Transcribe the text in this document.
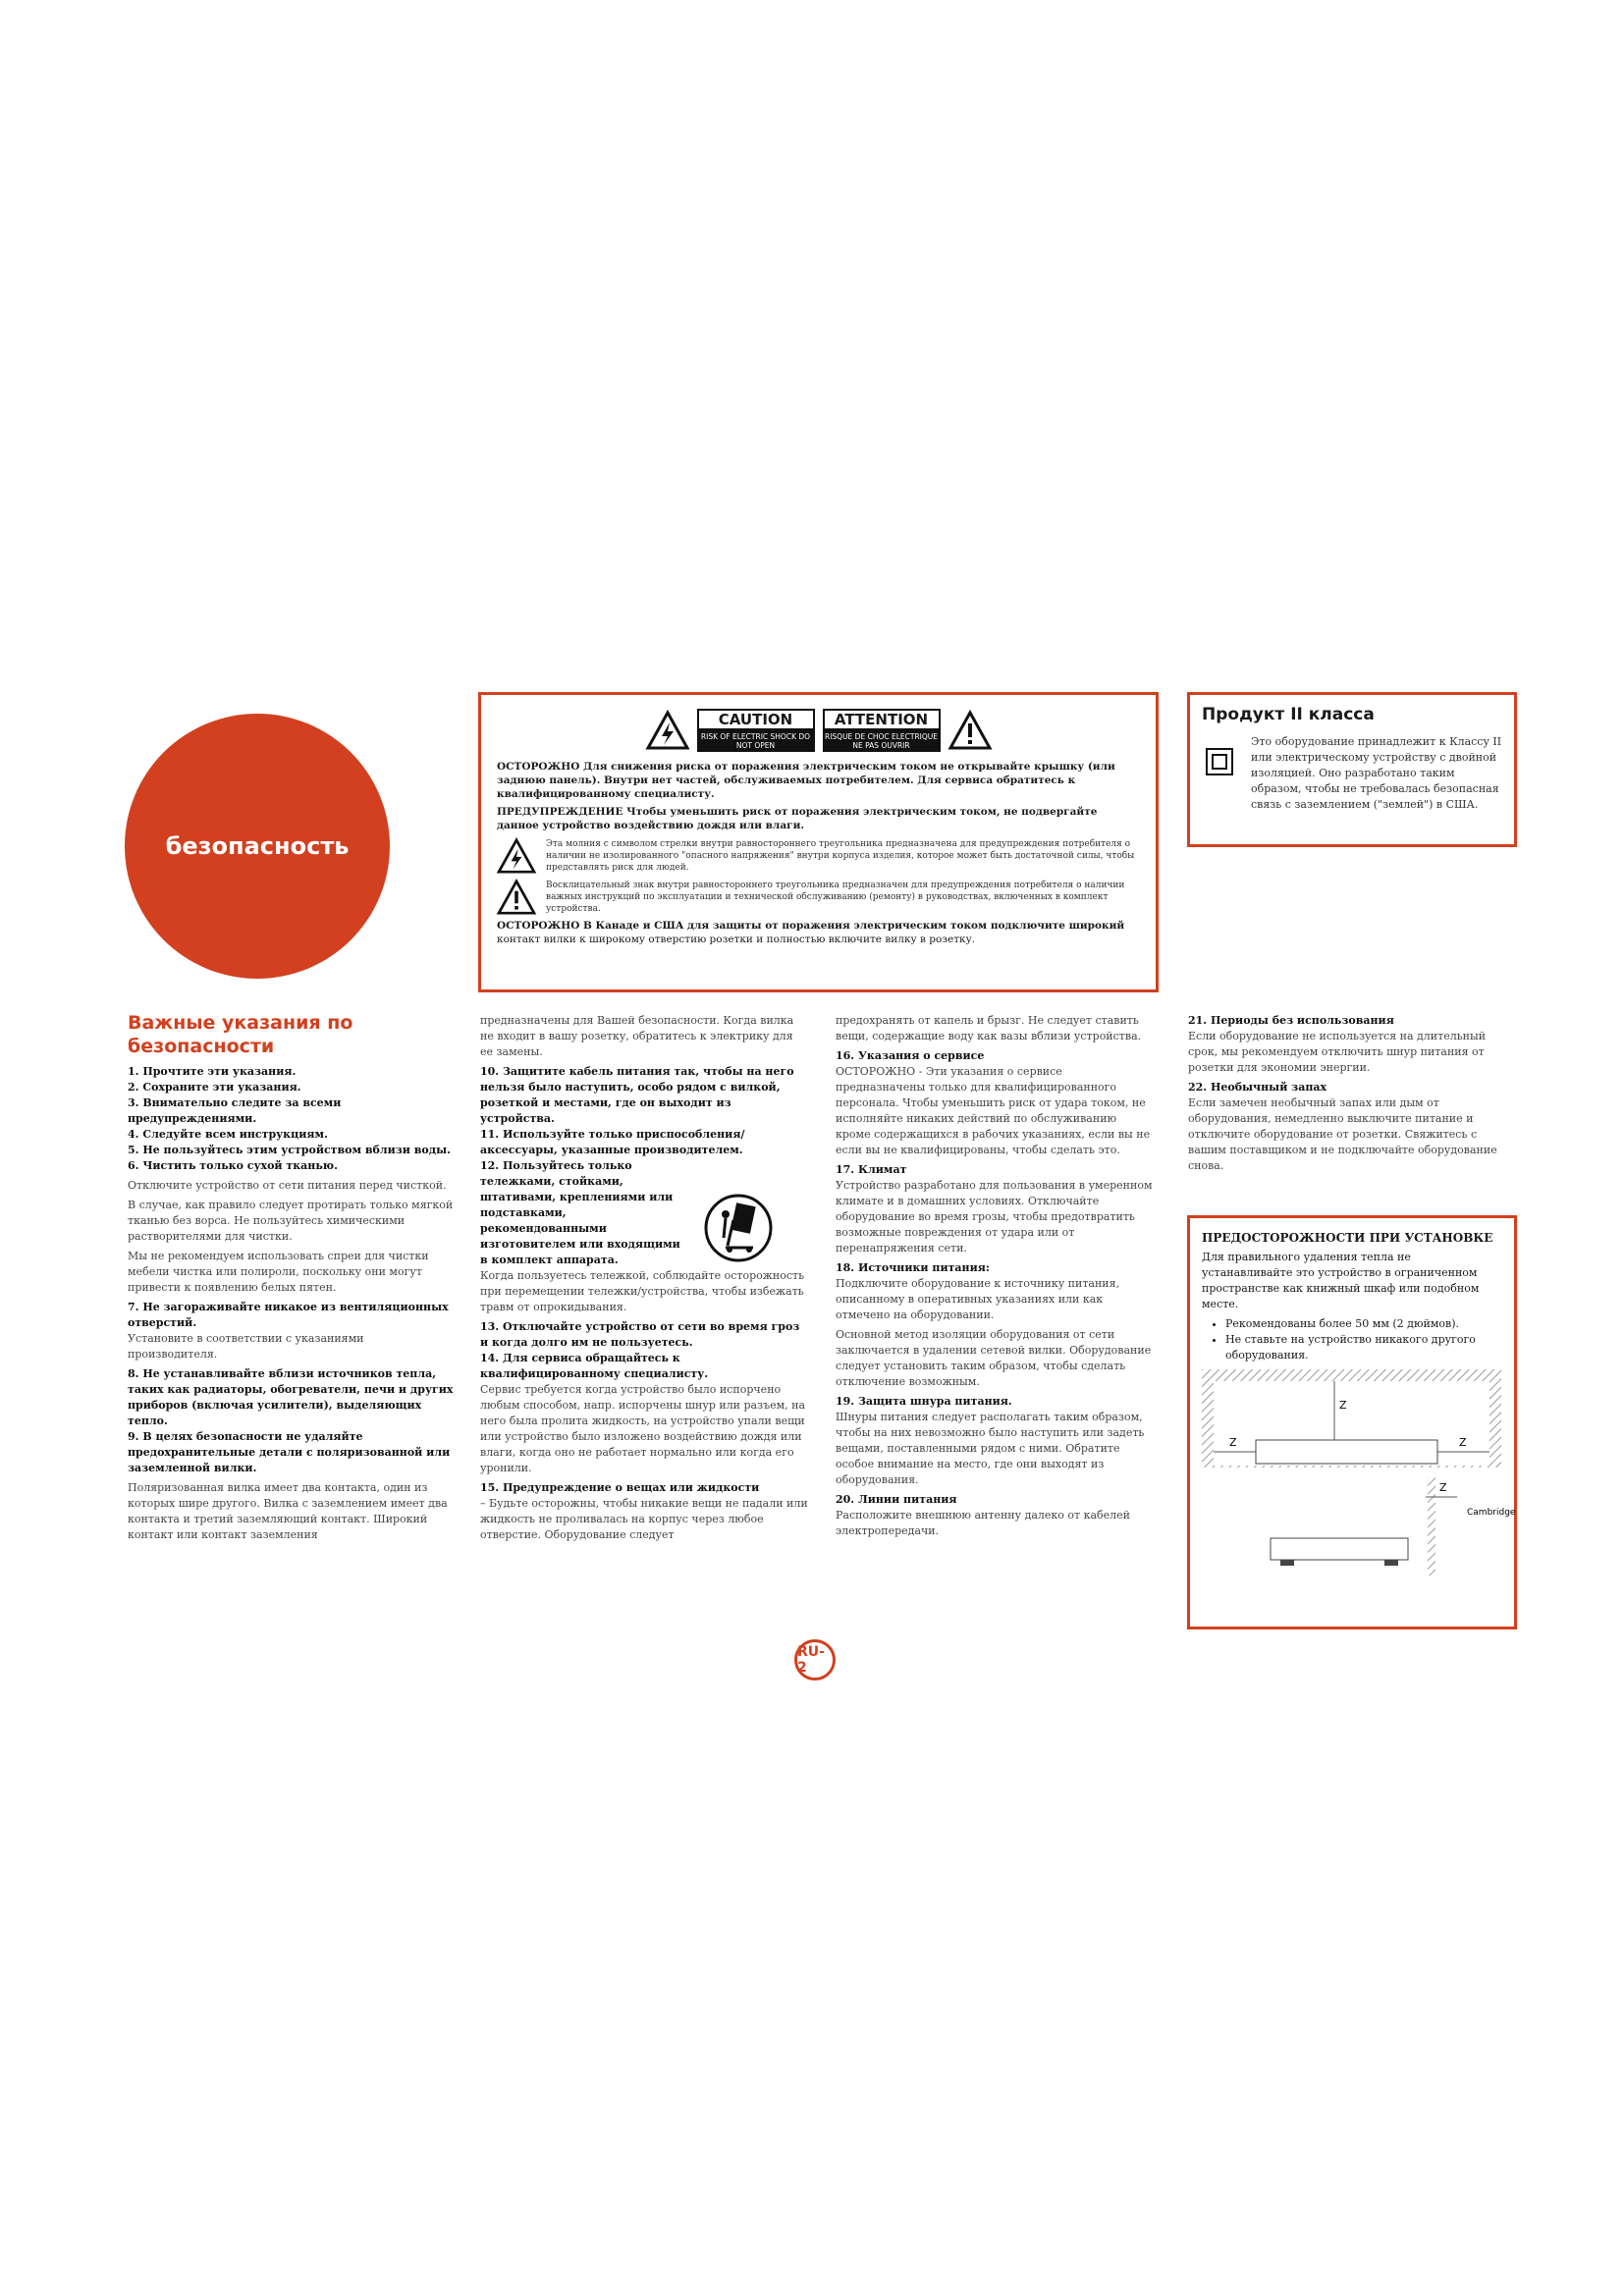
безопасность
CAUTION
RISK OF ELECTRIC SHOCK DO NOT OPEN
ATTENTION
RISQUE DE CHOC ELECTRIQUE NE PAS OUVRIR

ОСТОРОЖНО Для снижения риска от поражения электрическим током не открывайте крышку (или заднюю панель). Внутри нет частей, обслуживаемых потребителем. Для сервиса обратитесь к квалифицированному специалисту.

ПРЕДУПРЕЖДЕНИЕ Чтобы уменьшить риск от поражения электрическим током, не подвергайте данное устройство воздействию дождя или влаги.

Эта молния с символом стрелки внутри равностороннего треугольника предназначена для предупреждения потребителя о наличии не изолированного "опасного напряжения" внутри корпуса изделия, которое может быть достаточной силы, чтобы представлять риск для людей.
Восклицательный знак внутри равностороннего треугольника предназначен для предупреждения потребителя о наличии важных инструкций по эксплуатации и технической обслуживанию (ремонту) в руководствах, включенных в комплект устройства.

ОСТОРОЖНО В Канаде и США для защиты от поражения электрическим током подключите широкий контакт вилки к широкому отверстию розетки и полностью включите вилку в розетку.

Продукт II класса
Это оборудование принадлежит к Классу II или электрическому устройству с двойной изоляцией. Оно разработано таким образом, чтобы не требовалась безопасная связь с заземлением ("землей") в США.
Важные указания по безопасности
1. Прочтите эти указания.
2. Сохраните эти указания.
3. Внимательно следите за всеми предупреждениями.
4. Следуйте всем инструкциям.
5. Не пользуйтесь этим устройством вблизи воды.
6. Чистить только сухой тканью.

Отключите устройство от сети питания перед чисткой.

В случае, как правило следует протирать только мягкой тканью без ворса. Не пользуйтесь химическими растворителями для чистки.

Мы не рекомендуем использовать спреи для чистки мебели чистка или полироли, поскольку они могут привести к появлению белых пятен.

7. Не загораживайте никакое из вентиляционных отверстий.

Установите в соответствии с указаниями производителя.

8. Не устанавливайте вблизи источников тепла, таких как радиаторы, обогреватели, печи и других приборов (включая усилители), выделяющих тепло.
9. В целях безопасности не удаляйте предохранительные детали с поляризованной или заземленной вилки.

Поляризованная вилка имеет два контакта, один из которых шире другого. Вилка с заземлением имеет два контакта и третий заземляющий контакт. Широкий контакт или контакт заземления

предназначены для Вашей безопасности. Когда вилка не входит в вашу розетку, обратитесь к электрику для ее замены.

10. Защитите кабель питания так, чтобы на него нельзя было наступить, особо рядом с вилкой, розеткой и местами, где он выходит из устройства.
11. Используйте только приспособления/аксессуары, указанные производителем.
12. Пользуйтесь только
тележками, стойками, штативами, креплениями или подставками, рекомендованными изготовителем или входящими в комплект аппарата.

Когда пользуетесь тележкой, соблюдайте осторожность при перемещении тележки/устройства, чтобы избежать травм от опрокидывания.

13. Отключайте устройство от сети во время гроз и когда долго им не пользуетесь.
14. Для сервиса обращайтесь к квалифицированному специалисту.

Сервис требуется когда устройство было испорчено любым способом, напр. испорчены шнур или разъем, на него была пролита жидкость, на устройство упали вещи или устройство было изложено воздействию дождя или влаги, когда оно не работает нормально или когда его уронили.

15. Предупреждение о вещах или жидкости

– Будьте осторожны, чтобы никакие вещи не падали или жидкость не проливалась на корпус через любое отверстие. Оборудование следует

предохранять от капель и брызг. Не следует ставить вещи, содержащие воду как вазы вблизи устройства.

16. Указания о сервисе

ОСТОРОЖНО - Эти указания о сервисе предназначены только для квалифицированного персонала. Чтобы уменьшить риск от удара током, не исполняйте никаких действий по обслуживанию кроме содержащихся в рабочих указаниях, если вы не если вы не квалифицированы, чтобы сделать это.

17. Климат

Устройство разработано для пользования в умеренном климате и в домашних условиях. Отключайте оборудование во время грозы, чтобы предотвратить возможные повреждения от удара или от перенапряжения сети.

18. Источники питания:

Подключите оборудование к источнику питания, описанному в оперативных указаниях или как отмечено на оборудовании.

Основной метод изоляции оборудования от сети заключается в удалении сетевой вилки. Оборудование следует установить таким образом, чтобы сделать отключение возможным.

19. Защита шнура питания.

Шнуры питания следует располагать таким образом, чтобы на них невозможно было наступить или задеть вещами, поставленными рядом с ними. Обратите особое внимание на место, где они выходят из оборудования.

20. Линии питания

Расположите внешнюю антенну далеко от кабелей электропередачи.

21. Периоды без использования

Если оборудование не используется на длительный срок, мы рекомендуем отключить шнур питания от розетки для экономии энергии.

22. Необычный запах

Если замечен необычный запах или дым от оборудования, немедленно выключите питание и отключите оборудование от розетки. Свяжитесь с вашим поставщиком и не подключайте оборудование снова.

ПРЕДОСТОРОЖНОСТИ ПРИ УСТАНОВКЕ
Для правильного удаления тепла не устанавливайте это устройство в ограниченном пространстве как книжный шкаф или подобном месте.
• Рекомендованы более 50 мм (2 дюймов).
• Не ставьте на устройство никакого другого оборудования.
Z
Z	Z
Z
Cambridge
RU-2
